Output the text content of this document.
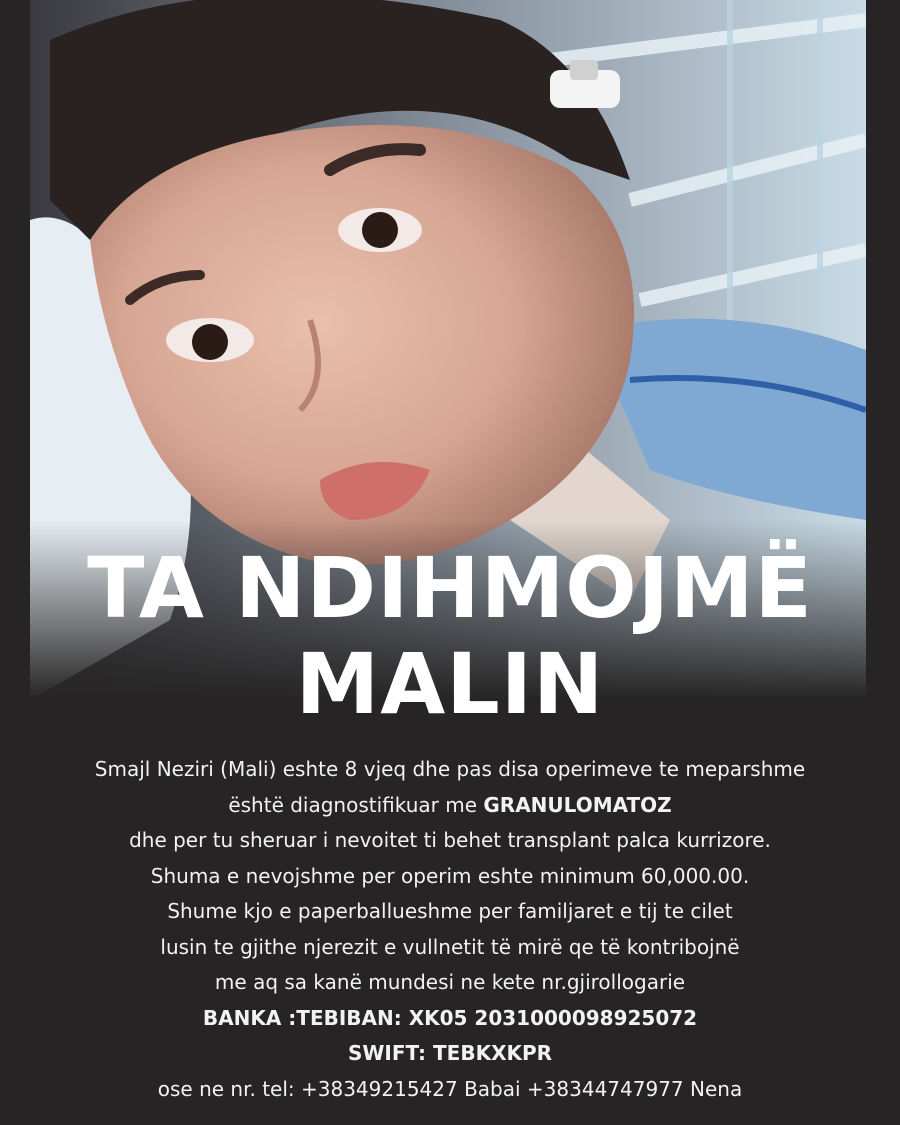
TA NDIHMOJMË
MALIN
Smajl Neziri (Mali) eshte 8 vjeq dhe pas disa operimeve te meparshme
është diagnostifikuar me GRANULOMATOZ
dhe per tu sheruar i nevoitet ti behet transplant palca kurrizore.
Shuma e nevojshme per operim eshte minimum 60,000.00.
Shume kjo e paperballueshme per familjaret e tij te cilet
lusin te gjithe njerezit e vullnetit të mirë qe të kontribojnë
me aq sa kanë mundesi ne kete nr.gjirollogarie
BANKA :TEBIBAN: XK05 2031000098925072
SWIFT: TEBKXKPR
ose ne nr. tel: +38349215427 Babai +38344747977 Nena
